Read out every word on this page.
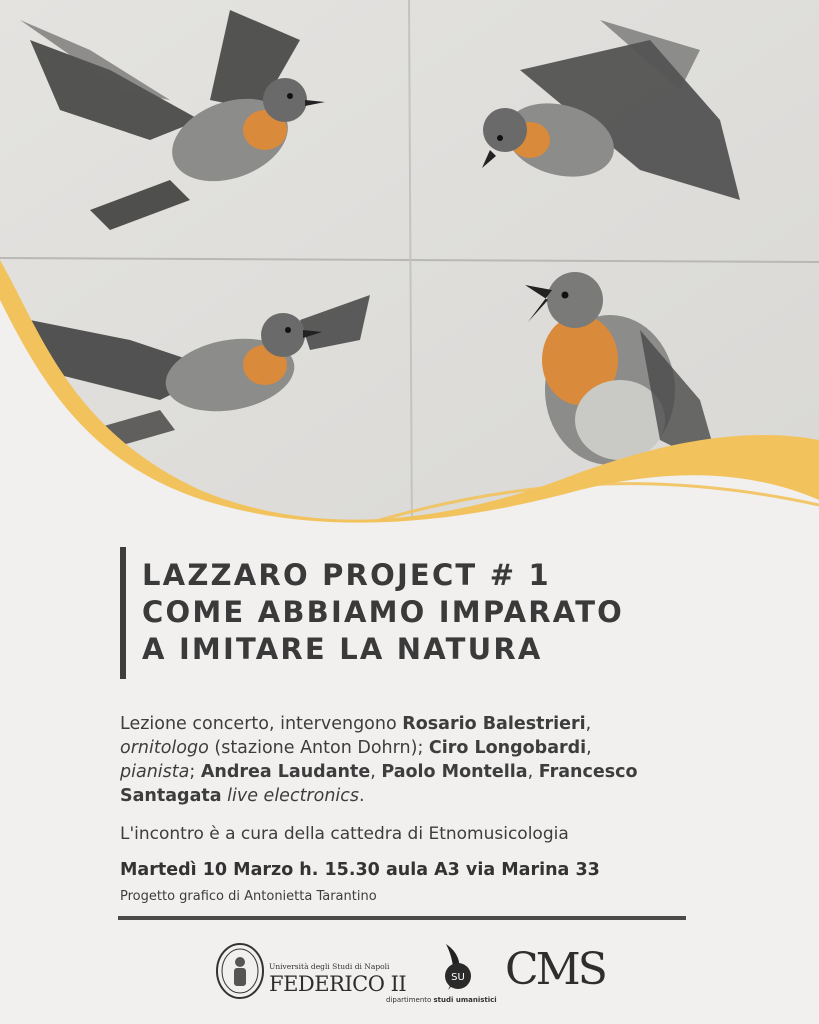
LAZZARO PROJECT # 1
COME ABBIAMO IMPARATO
A IMITARE LA NATURA
Lezione concerto, intervengono Rosario Balestrieri,
ornitologo (stazione Anton Dohrn); Ciro Longobardi,
pianista; Andrea Laudante, Paolo Montella, Francesco Santagata live electronics.
L'incontro è a cura della cattedra di Etnomusicologia
Martedì 10 Marzo h. 15.30 aula A3 via Marina 33
Progetto grafico di Antonietta Tarantino
Università degli Studi di Napoli
FEDERICO II	SU
dipartimento studi umanistici
CMS
